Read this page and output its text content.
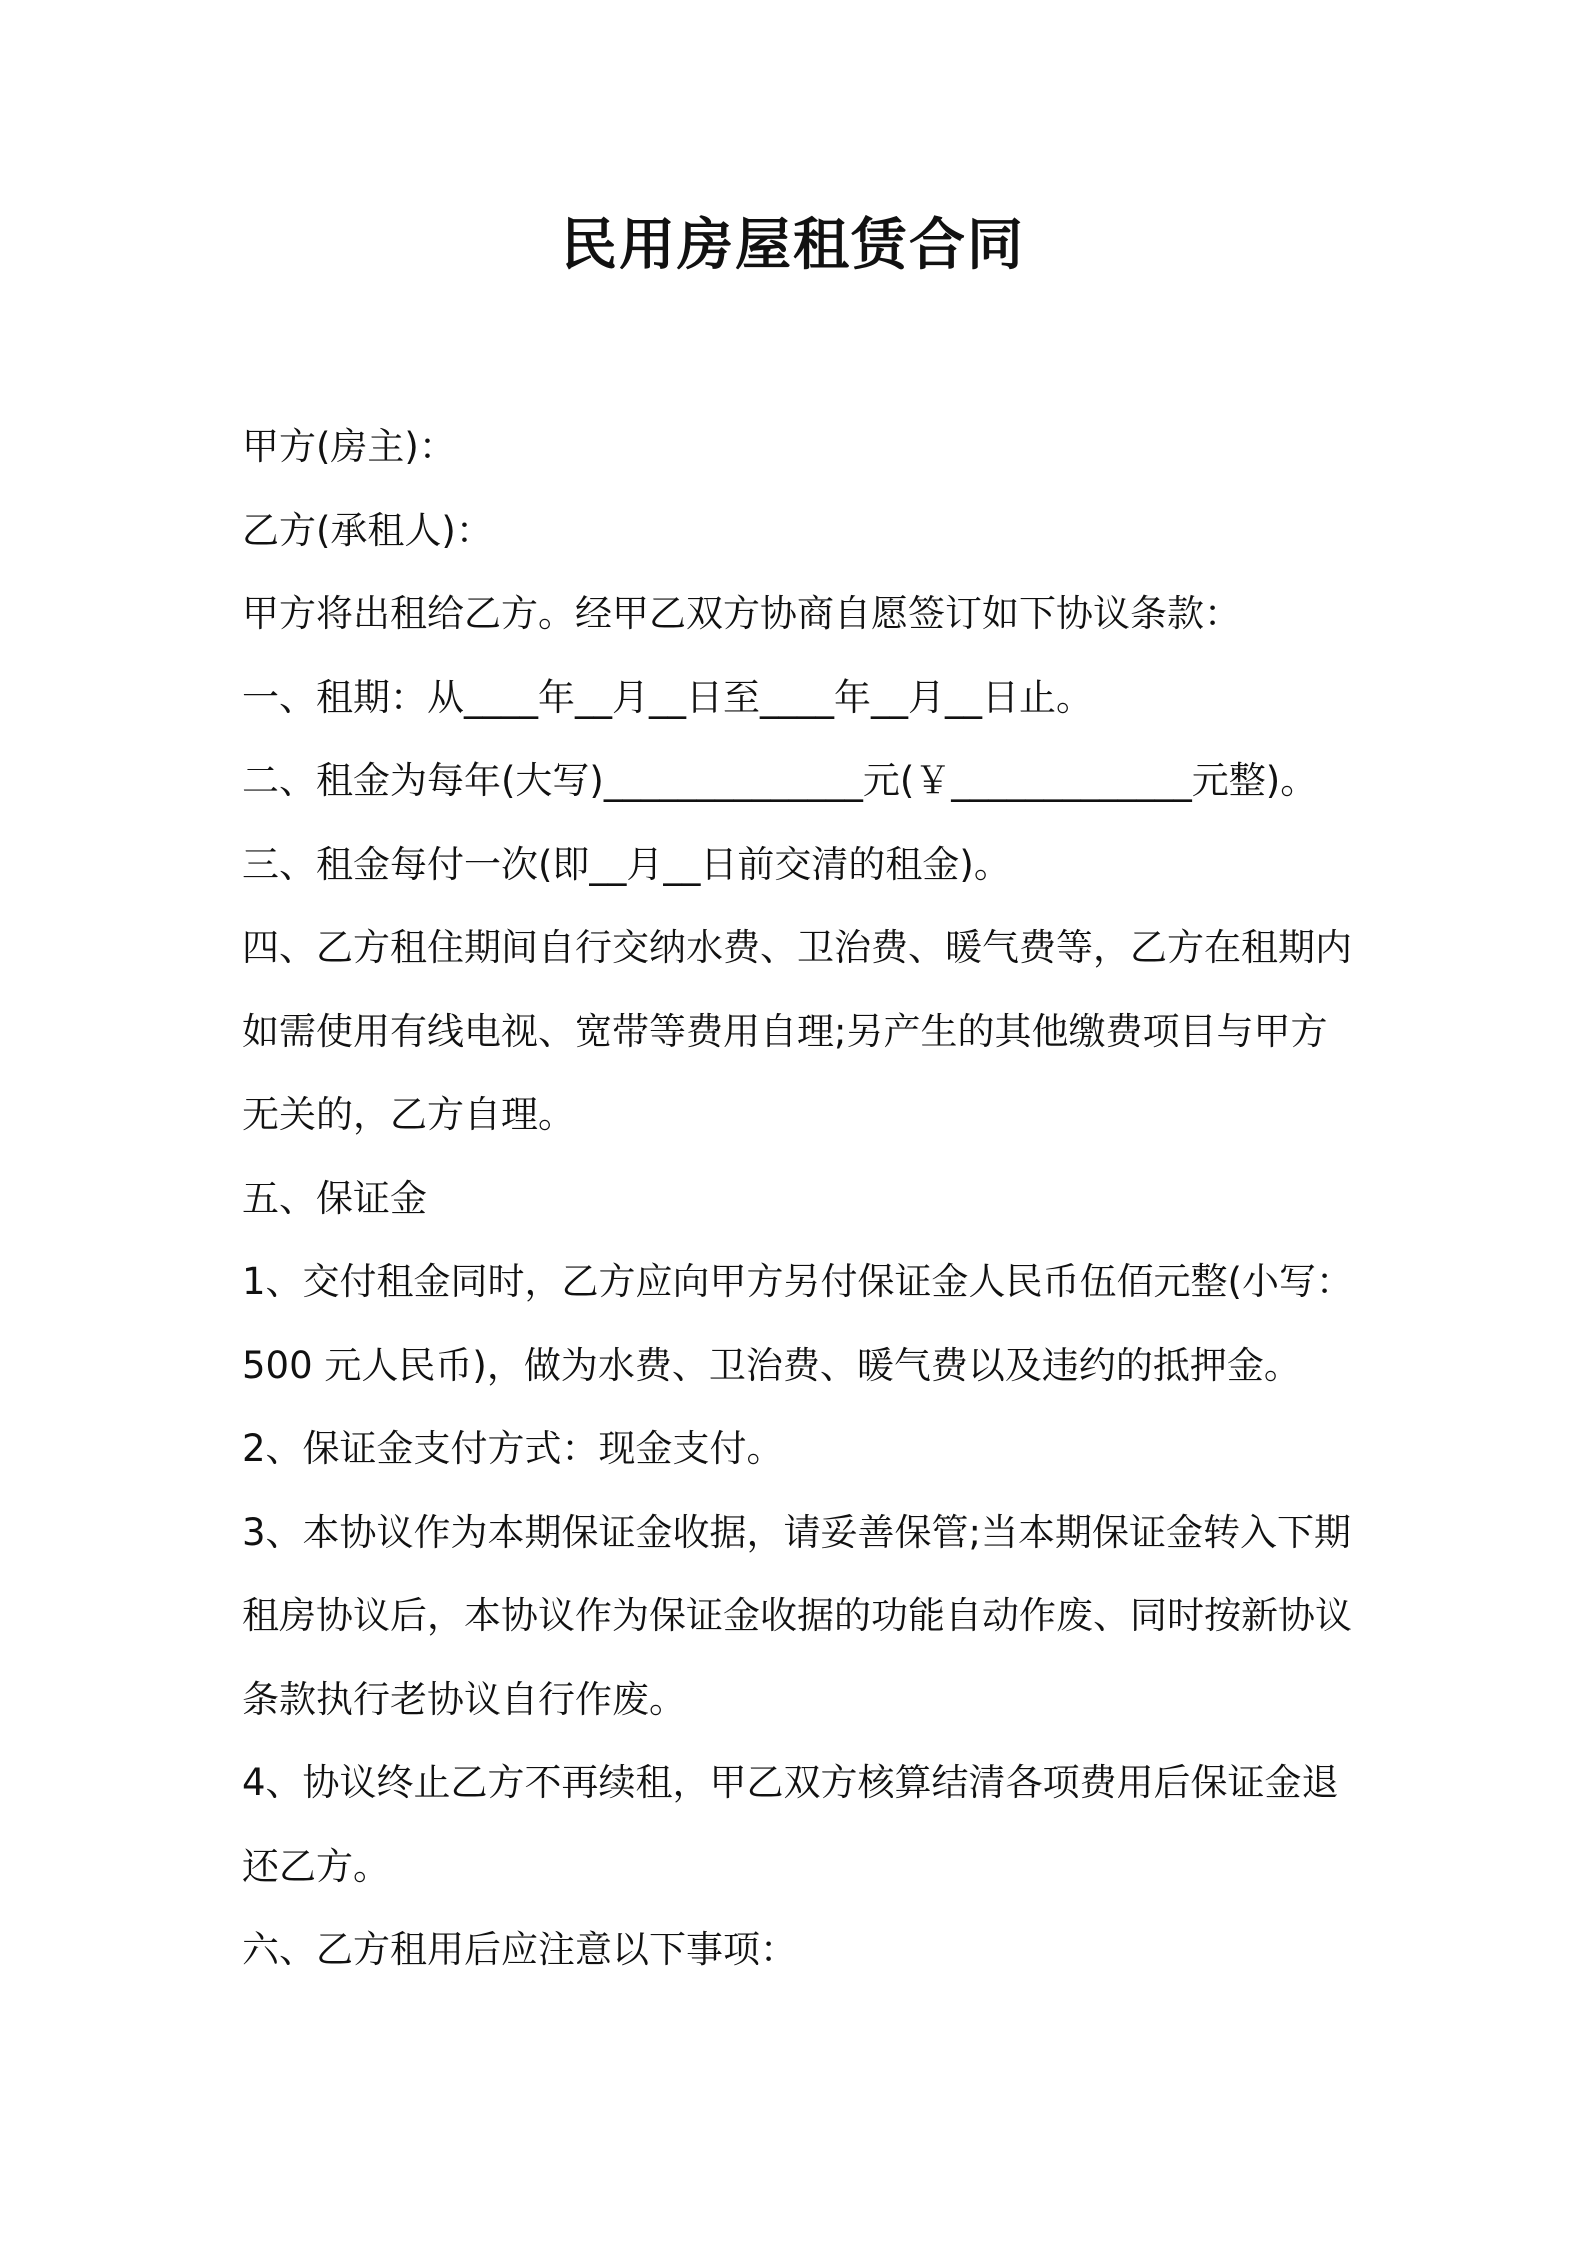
民用房屋租赁合同
甲方(房主)：
乙方(承租人)：
甲方将出租给乙方。经甲乙双方协商自愿签订如下协议条款：
一、租期：从____年__月__日至____年__月__日止。
二、租金为每年(大写)______________元(￥_____________元整)。
三、租金每付一次(即__月__日前交清的租金)。
四、乙方租住期间自行交纳水费、卫治费、暖气费等，乙方在租期内
如需使用有线电视、宽带等费用自理;另产生的其他缴费项目与甲方
无关的，乙方自理。
五、保证金
1、交付租金同时，乙方应向甲方另付保证金人民币伍佰元整(小写：
500 元人民币)，做为水费、卫治费、暖气费以及违约的抵押金。
2、保证金支付方式：现金支付。
3、本协议作为本期保证金收据，请妥善保管;当本期保证金转入下期
租房协议后，本协议作为保证金收据的功能自动作废、同时按新协议
条款执行老协议自行作废。
4、协议终止乙方不再续租，甲乙双方核算结清各项费用后保证金退
还乙方。
六、乙方租用后应注意以下事项：
